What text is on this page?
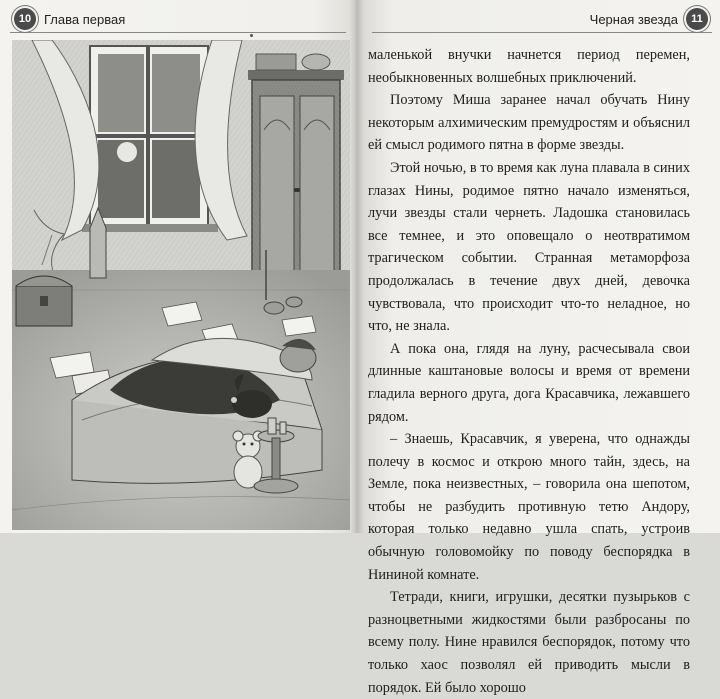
10 Глава первая	Черная звезда	11

маленькой внучки начнется период перемен, необыкновенных волшебных приключений.

Поэтому Миша заранее начал обучать Нину некоторым алхимическим премудростям и объяснил ей смысл родимого пятна в форме звезды.

Этой ночью, в то время как луна плавала в синих глазах Нины, родимое пятно начало изменяться, лучи звезды стали чернеть. Ладошка становилась все темнее, и это оповещало о неотвратимом трагическом событии. Странная метаморфоза продолжалась в течение двух дней, девочка чувствовала, что происходит что-то неладное, но что, не знала.

А пока она, глядя на луну, расчесывала свои длинные каштановые волосы и время от времени гладила верного друга, догa Красавчика, лежавшего рядом.

– Знаешь, Красавчик, я уверена, что однажды полечу в космос и открою много тайн, здесь, на Земле, пока неизвестных, – говорила она шепотом, чтобы не разбудить противную тетю Андору, которая только недавно ушла спать, устроив обычную головомойку по поводу беспорядка в Нининой комнате.

Тетради, книги, игрушки, десятки пузырьков с разноцветными жидкостями были разбросаны по всему полу. Нине нравился беспорядок, потому что только хаос позволял ей приводить мысли в порядок. Ей было хорошо
